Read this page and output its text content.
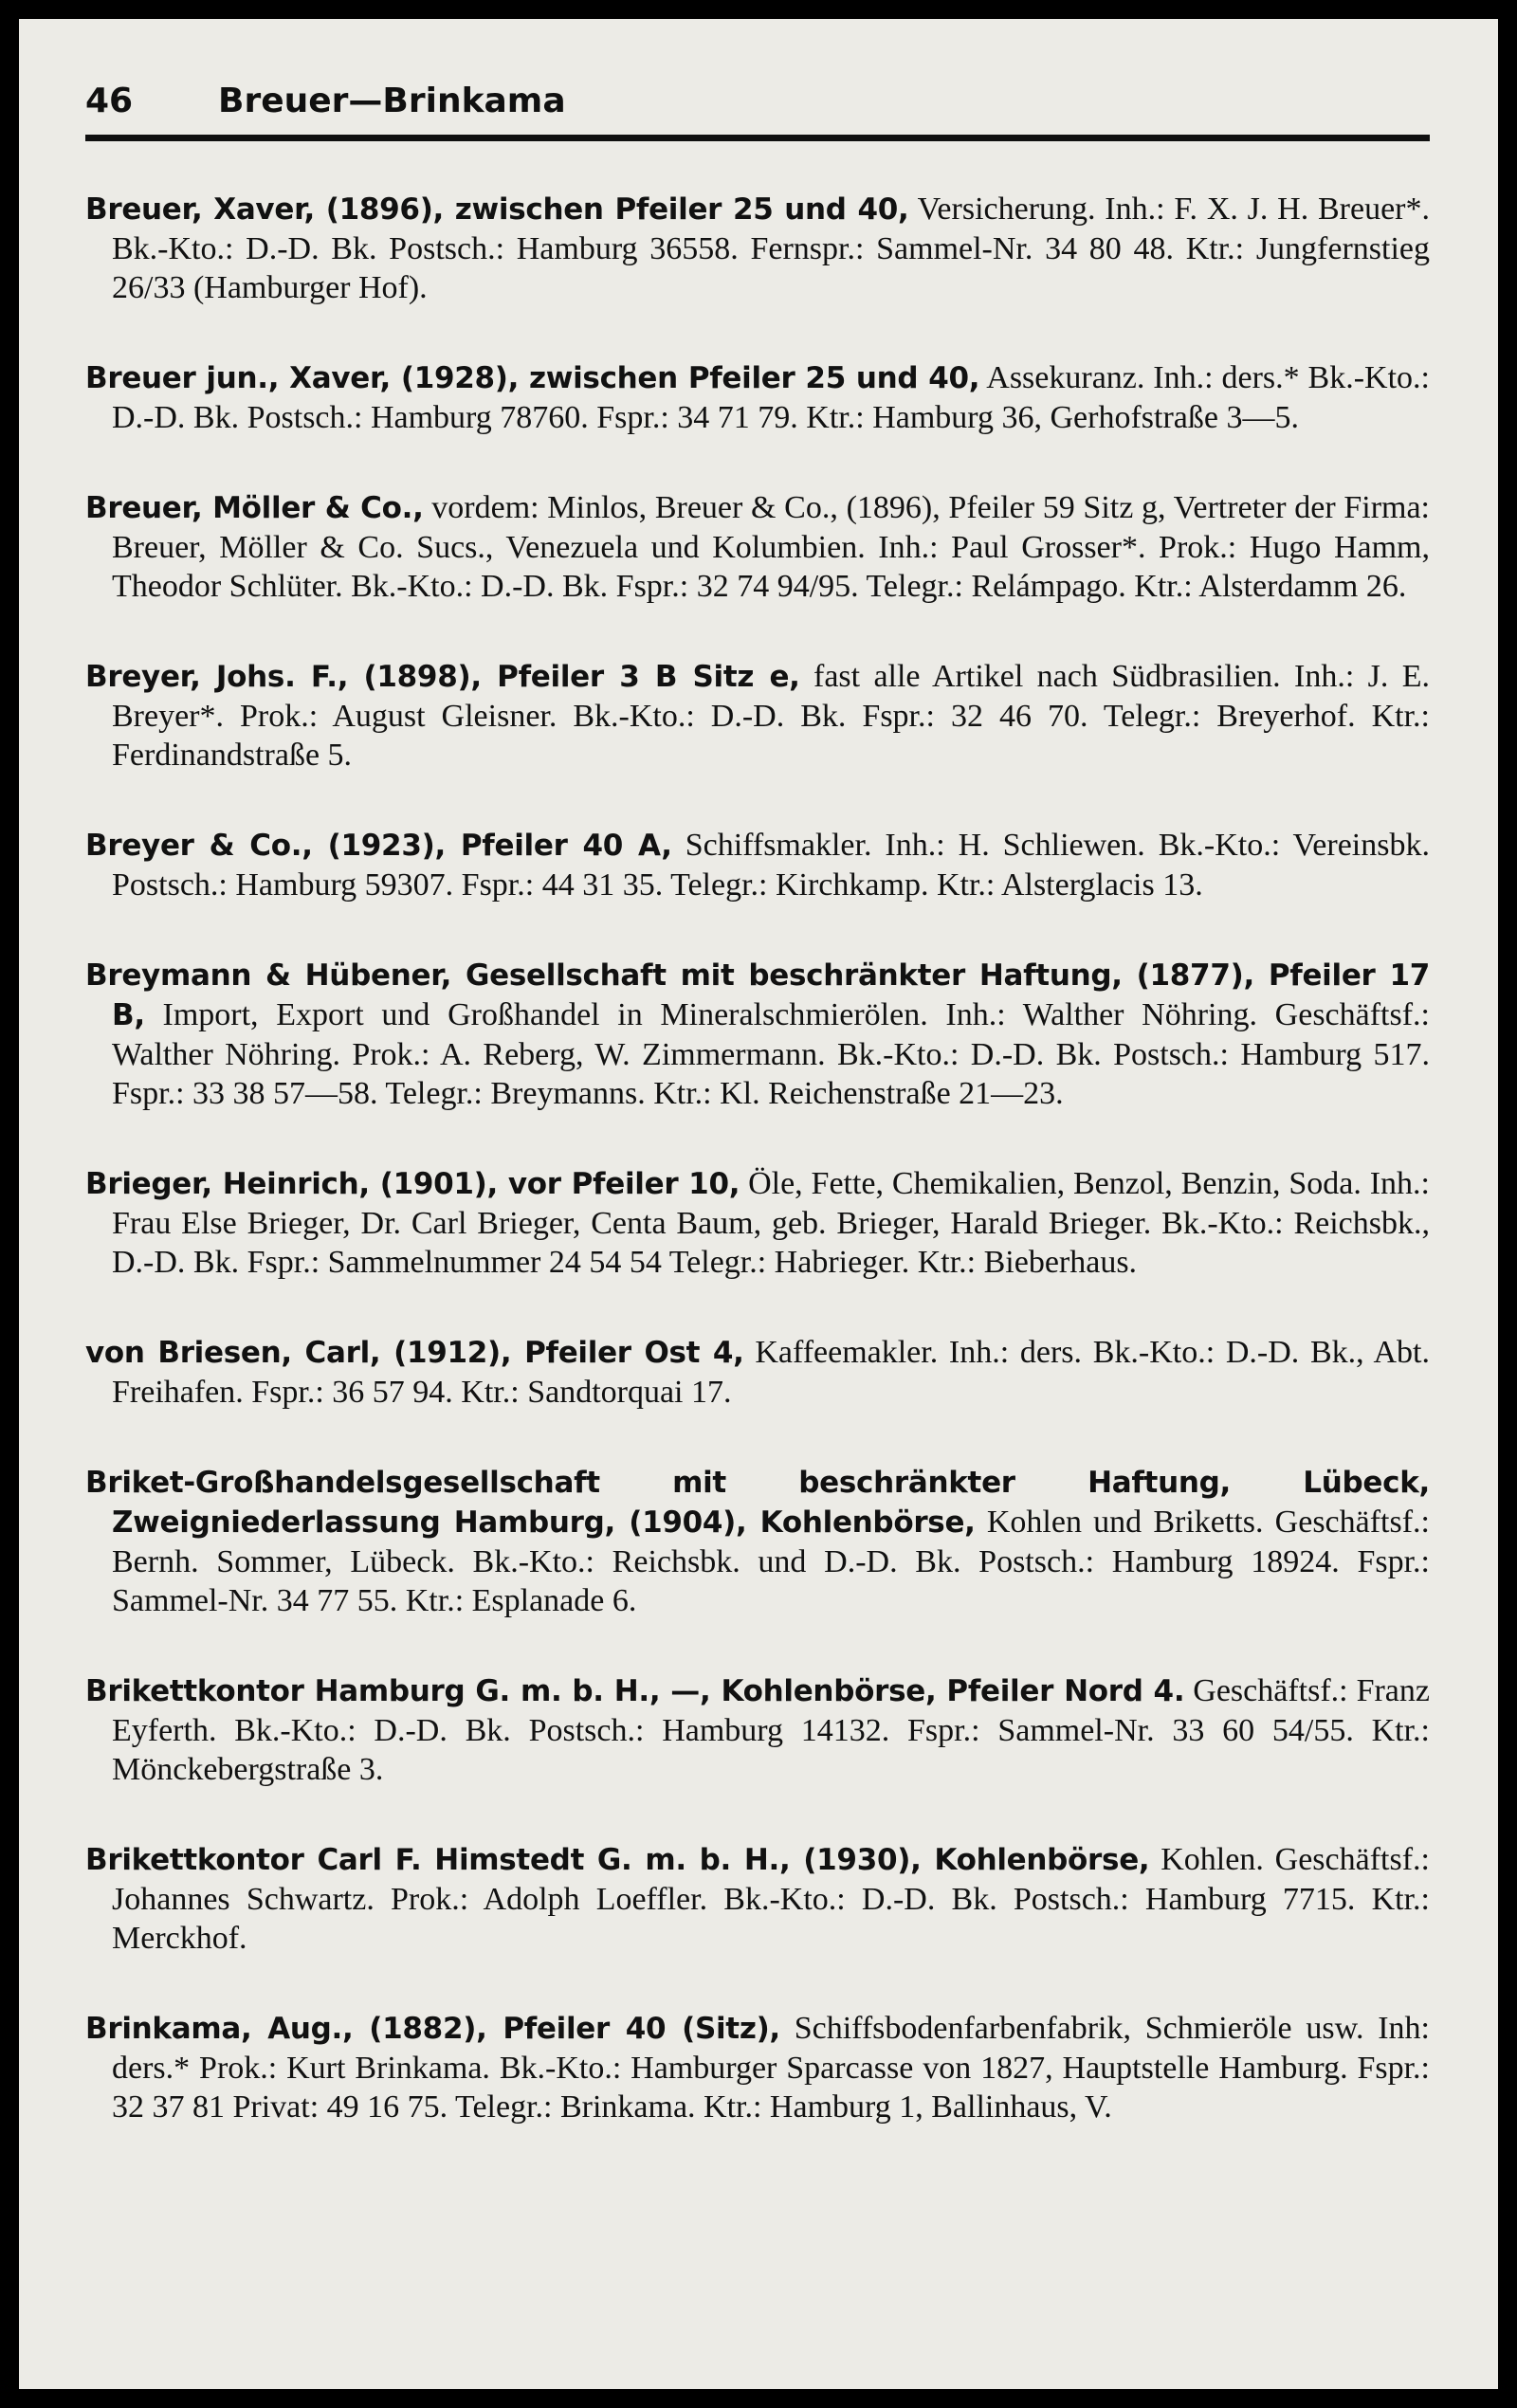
46 Breuer—Brinkama

Breuer, Xaver, (1896), zwischen Pfeiler 25 und 40, Versicherung. Inh.: F. X. J. H. Breuer*. Bk.-Kto.: D.-D. Bk. Postsch.: Hamburg 36558. Fernspr.: Sammel-Nr. 34 80 48. Ktr.: Jungfernstieg 26/33 (Hamburger Hof).

Breuer jun., Xaver, (1928), zwischen Pfeiler 25 und 40, Assekuranz. Inh.: ders.* Bk.-Kto.: D.-D. Bk. Postsch.: Hamburg 78760. Fspr.: 34 71 79. Ktr.: Hamburg 36, Gerhofstraße 3—5.

Breuer, Möller & Co., vordem: Minlos, Breuer & Co., (1896), Pfeiler 59 Sitz g, Vertreter der Firma: Breuer, Möller & Co. Sucs., Venezuela und Kolumbien. Inh.: Paul Grosser*. Prok.: Hugo Hamm, Theodor Schlüter. Bk.-Kto.: D.-D. Bk. Fspr.: 32 74 94/95. Telegr.: Relámpago. Ktr.: Alsterdamm 26.

Breyer, Johs. F., (1898), Pfeiler 3 B Sitz e, fast alle Artikel nach Südbrasilien. Inh.: J. E. Breyer*. Prok.: August Gleisner. Bk.-Kto.: D.-D. Bk. Fspr.: 32 46 70. Telegr.: Breyerhof. Ktr.: Ferdinandstraße 5.

Breyer & Co., (1923), Pfeiler 40 A, Schiffsmakler. Inh.: H. Schliewen. Bk.-Kto.: Vereinsbk. Postsch.: Hamburg 59307. Fspr.: 44 31 35. Telegr.: Kirchkamp. Ktr.: Alsterglacis 13.

Breymann & Hübener, Gesellschaft mit beschränkter Haftung, (1877), Pfeiler 17 B, Import, Export und Großhandel in Mineralschmierölen. Inh.: Walther Nöhring. Geschäftsf.: Walther Nöhring. Prok.: A. Reberg, W. Zimmermann. Bk.-Kto.: D.-D. Bk. Postsch.: Hamburg 517. Fspr.: 33 38 57—58. Telegr.: Breymanns. Ktr.: Kl. Reichenstraße 21—23.

Brieger, Heinrich, (1901), vor Pfeiler 10, Öle, Fette, Chemikalien, Benzol, Benzin, Soda. Inh.: Frau Else Brieger, Dr. Carl Brieger, Centa Baum, geb. Brieger, Harald Brieger. Bk.-Kto.: Reichsbk., D.-D. Bk. Fspr.: Sammelnummer 24 54 54 Telegr.: Habrieger. Ktr.: Bieberhaus.

von Briesen, Carl, (1912), Pfeiler Ost 4, Kaffeemakler. Inh.: ders. Bk.-Kto.: D.-D. Bk., Abt. Freihafen. Fspr.: 36 57 94. Ktr.: Sandtorquai 17.

Briket-Großhandelsgesellschaft mit beschränkter Haftung, Lübeck, Zweigniederlassung Hamburg, (1904), Kohlenbörse, Kohlen und Briketts. Geschäftsf.: Bernh. Sommer, Lübeck. Bk.-Kto.: Reichsbk. und D.-D. Bk. Postsch.: Hamburg 18924. Fspr.: Sammel-Nr. 34 77 55. Ktr.: Esplanade 6.

Brikettkontor Hamburg G. m. b. H., —, Kohlenbörse, Pfeiler Nord 4. Geschäftsf.: Franz Eyferth. Bk.-Kto.: D.-D. Bk. Postsch.: Hamburg 14132. Fspr.: Sammel-Nr. 33 60 54/55. Ktr.: Mönckebergstraße 3.

Brikettkontor Carl F. Himstedt G. m. b. H., (1930), Kohlenbörse, Kohlen. Geschäftsf.: Johannes Schwartz. Prok.: Adolph Loeffler. Bk.-Kto.: D.-D. Bk. Postsch.: Hamburg 7715. Ktr.: Merckhof.

Brinkama, Aug., (1882), Pfeiler 40 (Sitz), Schiffsbodenfarbenfabrik, Schmieröle usw. Inh: ders.* Prok.: Kurt Brinkama. Bk.-Kto.: Hamburger Sparcasse von 1827, Hauptstelle Hamburg. Fspr.: 32 37 81 Privat: 49 16 75. Telegr.: Brinkama. Ktr.: Hamburg 1, Ballinhaus, V.
